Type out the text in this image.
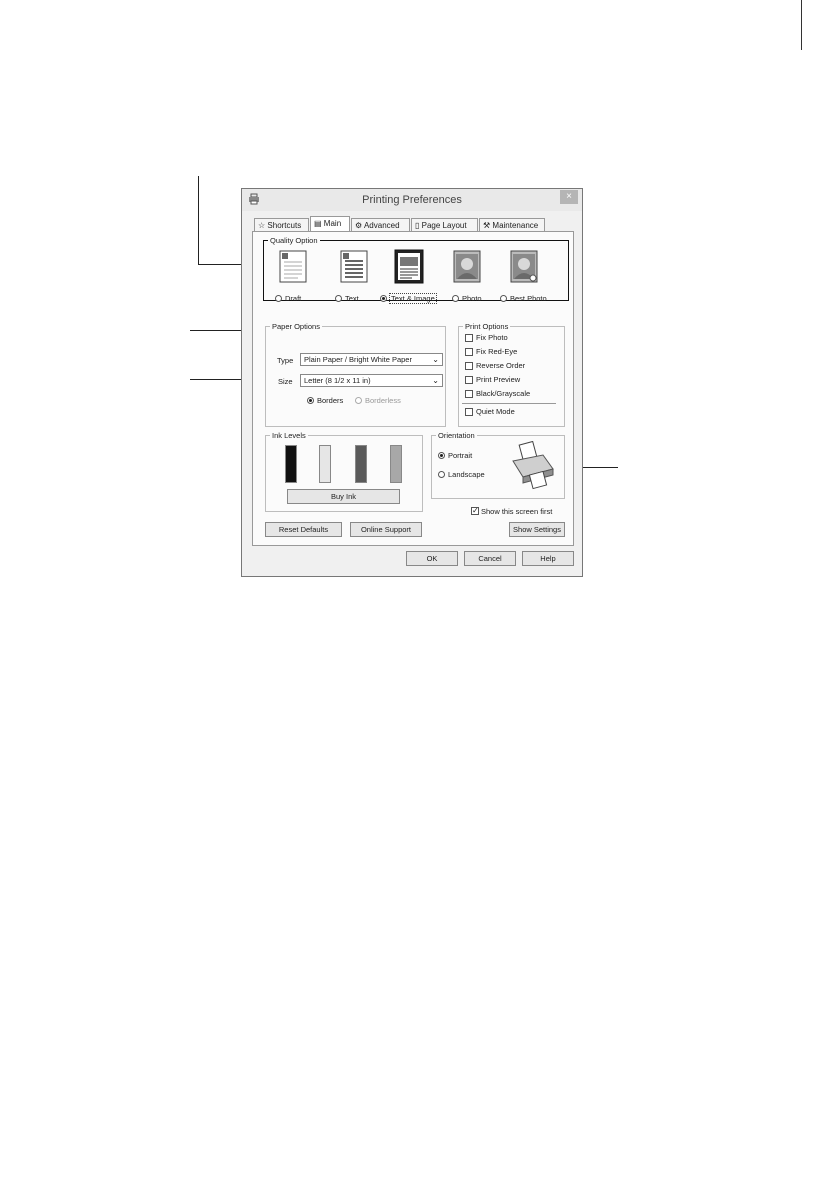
Printing Preferences	×
☆ Shortcuts	▤ Main	⚙ Advanced	▯ Page Layout	⚒ Maintenance
Quality Option
Draft	Text	Text & Image	Photo	Best Photo
Paper Options
Type	Plain Paper / Bright White Paper	⌄
Size	Letter (8 1/2 x 11 in)	⌄
Borders	Borderless
Print Options
Fix Photo
Fix Red-Eye
Reverse Order
Print Preview
Black/Grayscale
Quiet Mode
Ink Levels
Buy Ink
Orientation
Portrait
Landscape
✓ Show this screen first
Reset Defaults	Online Support	Show Settings
OK	Cancel	Help
